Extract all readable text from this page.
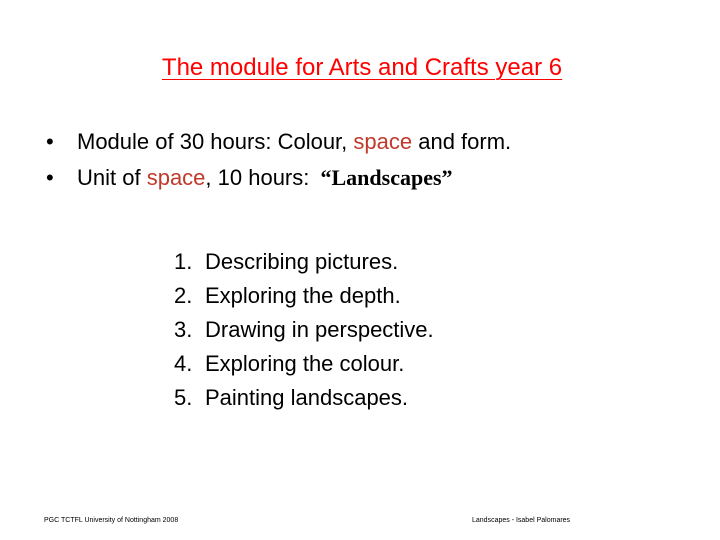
The module for Arts and Crafts year 6
•	Module of 30 hours: Colour, space and form.
•	Unit of space, 10 hours: “Landscapes”
1. Describing pictures.
2. Exploring the depth.
3. Drawing in perspective.
4. Exploring the colour.
5. Painting landscapes.
PGC TCTFL University of Nottingham 2008	Landscapes - Isabel Palomares
